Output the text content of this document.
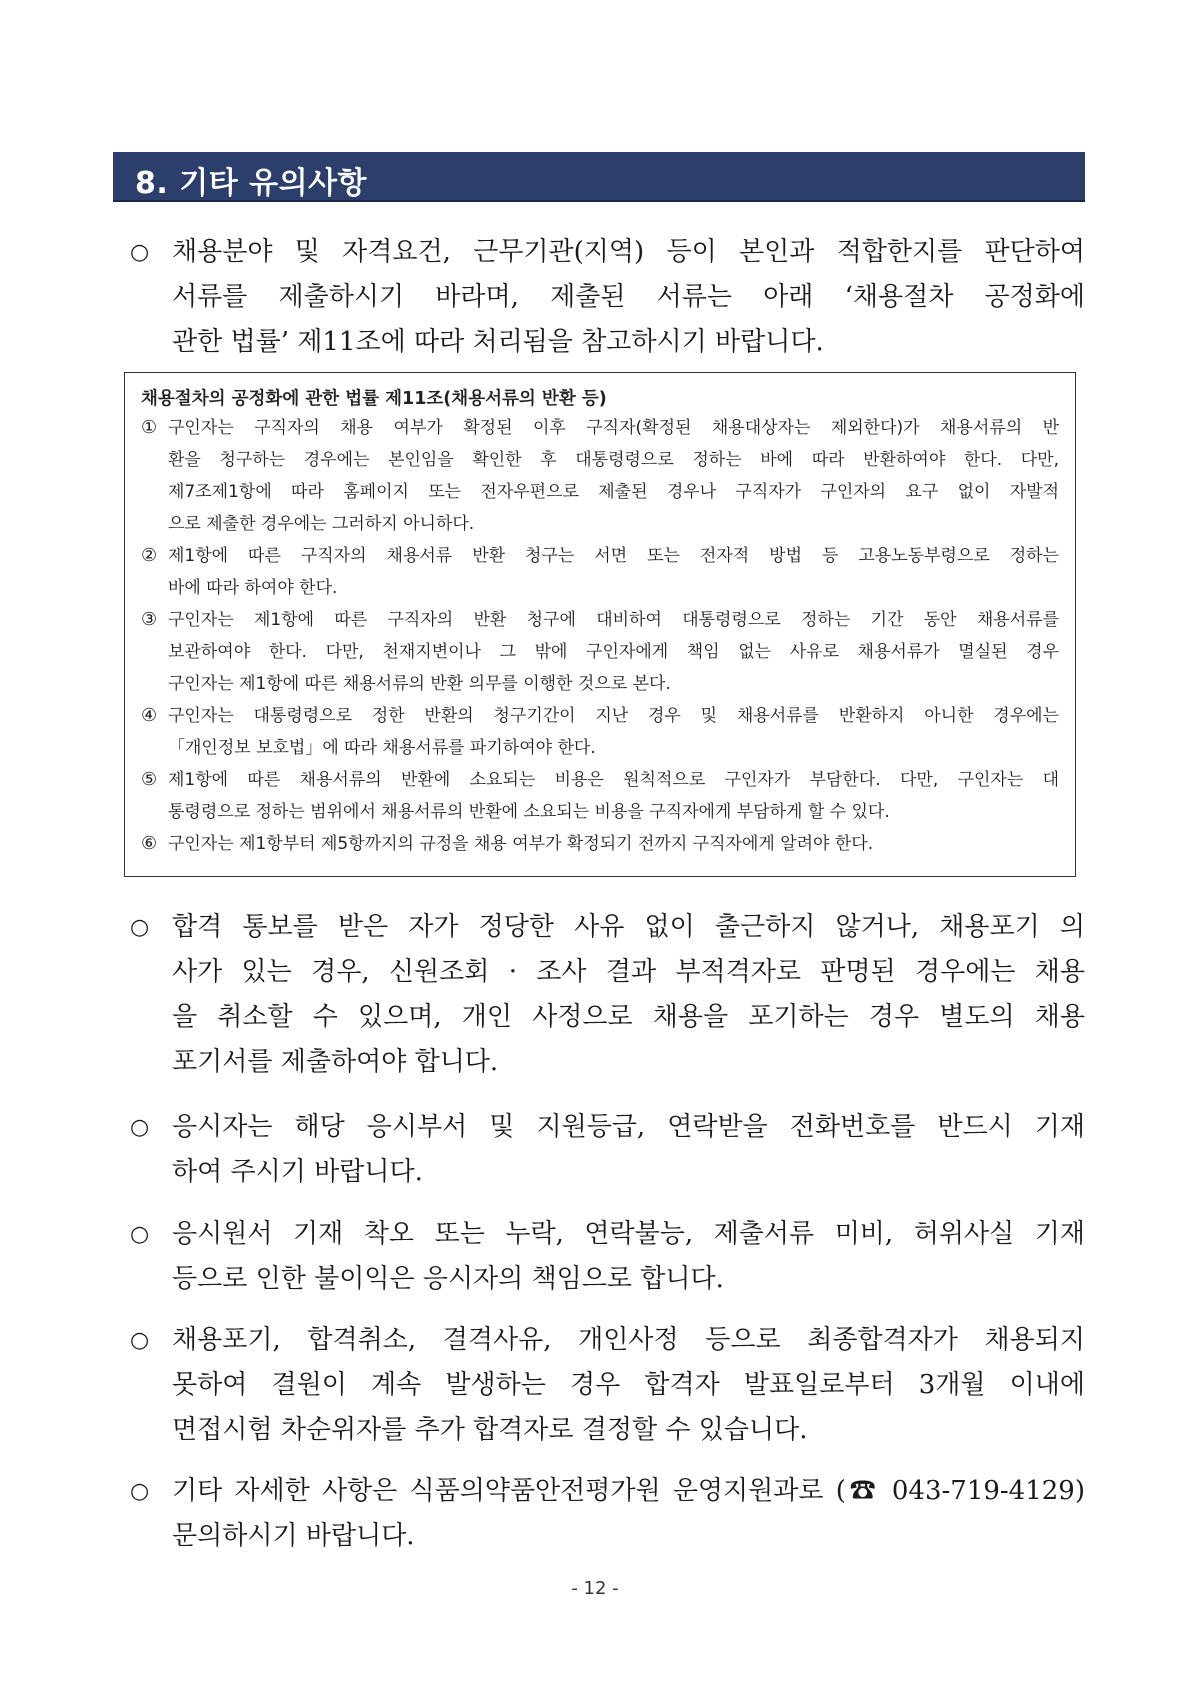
8. 기타 유의사항
○ 채용분야 및 자격요건, 근무기관(지역) 등이 본인과 적합한지를 판단하여
서류를 제출하시기 바라며, 제출된 서류는 아래 ‘채용절차 공정화에
관한 법률’ 제11조에 따라 처리됨을 참고하시기 바랍니다.
채용절차의 공정화에 관한 법률 제11조(채용서류의 반환 등)
① 구인자는 구직자의 채용 여부가 확정된 이후 구직자(확정된 채용대상자는 제외한다)가 채용서류의 반
환을 청구하는 경우에는 본인임을 확인한 후 대통령령으로 정하는 바에 따라 반환하여야 한다. 다만,
제7조제1항에 따라 홈페이지 또는 전자우편으로 제출된 경우나 구직자가 구인자의 요구 없이 자발적
으로 제출한 경우에는 그러하지 아니하다.
② 제1항에 따른 구직자의 채용서류 반환 청구는 서면 또는 전자적 방법 등 고용노동부령으로 정하는
바에 따라 하여야 한다.
③ 구인자는 제1항에 따른 구직자의 반환 청구에 대비하여 대통령령으로 정하는 기간 동안 채용서류를
보관하여야 한다. 다만, 천재지변이나 그 밖에 구인자에게 책임 없는 사유로 채용서류가 멸실된 경우
구인자는 제1항에 따른 채용서류의 반환 의무를 이행한 것으로 본다.
④ 구인자는 대통령령으로 정한 반환의 청구기간이 지난 경우 및 채용서류를 반환하지 아니한 경우에는
「개인정보 보호법」에 따라 채용서류를 파기하여야 한다.
⑤ 제1항에 따른 채용서류의 반환에 소요되는 비용은 원칙적으로 구인자가 부담한다. 다만, 구인자는 대
통령령으로 정하는 범위에서 채용서류의 반환에 소요되는 비용을 구직자에게 부담하게 할 수 있다.
⑥ 구인자는 제1항부터 제5항까지의 규정을 채용 여부가 확정되기 전까지 구직자에게 알려야 한다.
○ 합격 통보를 받은 자가 정당한 사유 없이 출근하지 않거나, 채용포기 의
사가 있는 경우, 신원조회 · 조사 결과 부적격자로 판명된 경우에는 채용
을 취소할 수 있으며, 개인 사정으로 채용을 포기하는 경우 별도의 채용
포기서를 제출하여야 합니다.
○ 응시자는 해당 응시부서 및 지원등급, 연락받을 전화번호를 반드시 기재
하여 주시기 바랍니다.
○ 응시원서 기재 착오 또는 누락, 연락불능, 제출서류 미비, 허위사실 기재
등으로 인한 불이익은 응시자의 책임으로 합니다.
○ 채용포기, 합격취소, 결격사유, 개인사정 등으로 최종합격자가 채용되지
못하여 결원이 계속 발생하는 경우 합격자 발표일로부터 3개월 이내에
면접시험 차순위자를 추가 합격자로 결정할 수 있습니다.
○ 기타 자세한 사항은 식품의약품안전평가원 운영지원과로 (☎ 043-719-4129)
문의하시기 바랍니다.
- 12 -
